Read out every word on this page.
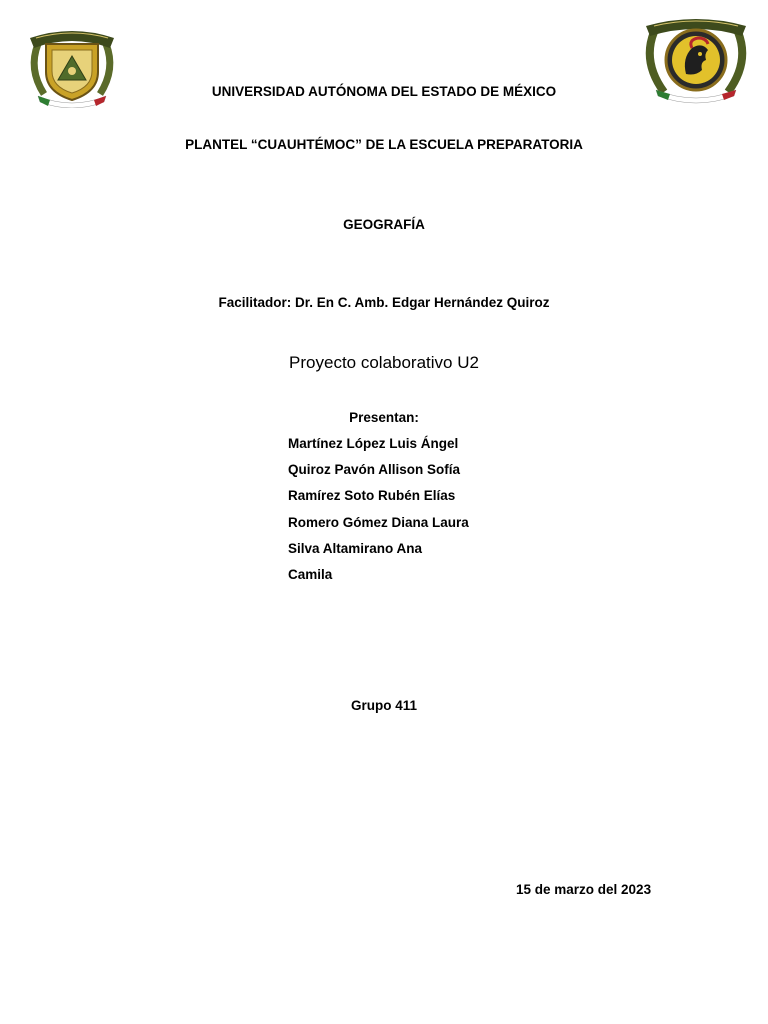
UNIVERSIDAD AUTÓNOMA DEL ESTADO DE MÉXICO
PLANTEL “CUAUHTÉMOC” DE LA ESCUELA PREPARATORIA
GEOGRAFÍA
Facilitador: Dr. En C. Amb. Edgar Hernández Quiroz
Proyecto colaborativo U2
Presentan:
Martínez López Luis Ángel
Quiroz Pavón Allison Sofía
Ramírez Soto Rubén Elías
Romero Gómez Diana Laura
Silva Altamirano Ana
Camila
Grupo 411
15 de marzo del 2023
